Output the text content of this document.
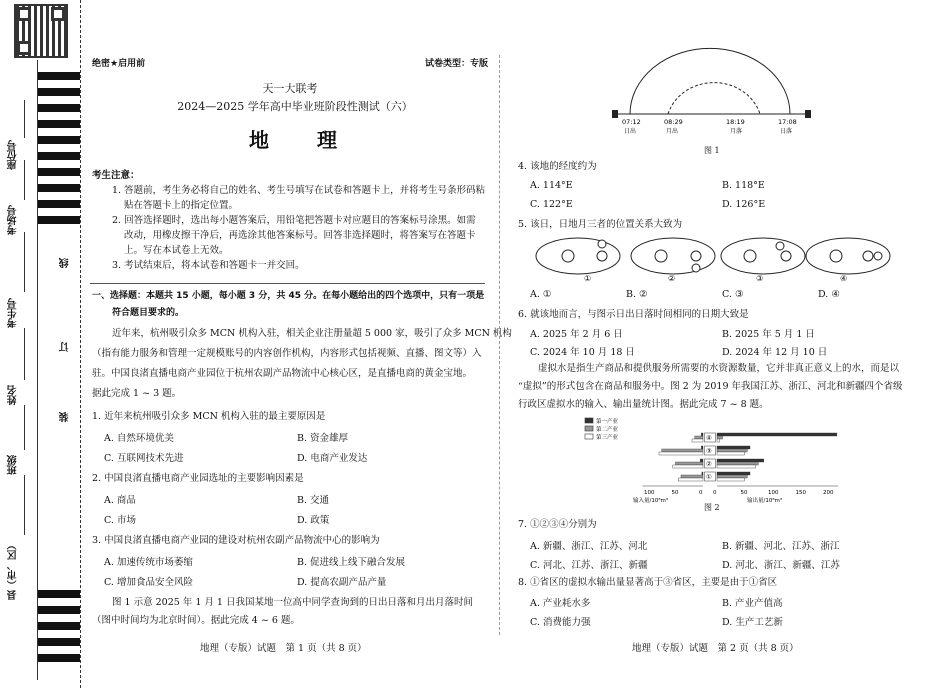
座位号
考场号
考生号
姓名
班级
县（市、区）
线
订
装
绝密★启用前	试卷类型：专版
天一大联考
2024—2025 学年高中毕业班阶段性测试（六）
地　理
考生注意：
1. 答题前，考生务必将自己的姓名、考生号填写在试卷和答题卡上，并将考生号条形码粘
贴在答题卡上的指定位置。
2. 回答选择题时，选出每小题答案后，用铅笔把答题卡对应题目的答案标号涂黑。如需
改动，用橡皮擦干净后，再选涂其他答案标号。回答非选择题时，将答案写在答题卡
上。写在本试卷上无效。
3. 考试结束后，将本试卷和答题卡一并交回。
一、选择题：本题共 15 小题，每小题 3 分，共 45 分。在每小题给出的四个选项中，只有一项是
符合题目要求的。
近年来，杭州吸引众多 MCN 机构入驻，相关企业注册量超 5 000 家，吸引了众多 MCN 机构
（指有能力服务和管理一定规模账号的内容创作机构，内容形式包括视频、直播、图文等）入
驻。中国良渚直播电商产业园位于杭州农副产品物流中心核心区，是直播电商的黄金宝地。
据此完成 1 ~ 3 题。
1. 近年来杭州吸引众多 MCN 机构入驻的最主要原因是
A. 自然环境优美	B. 资金雄厚
C. 互联网技术先进	D. 电商产业发达
2. 中国良渚直播电商产业园选址的主要影响因素是
A. 商品	B. 交通
C. 市场	D. 政策
3. 中国良渚直播电商产业园的建设对杭州农副产品物流中心的影响为
A. 加速传统市场萎缩	B. 促进线上线下融合发展
C. 增加食品安全风险	D. 提高农副产品产量
图 1 示意 2025 年 1 月 1 日我国某地一位高中同学查询到的日出日落和月出月落时间
（图中时间均为北京时间）。据此完成 4 ~ 6 题。
地理（专版）试题　第 1 页（共 8 页）
07:12	08:29	18:19	17:08
日出	月出	月落	日落
图 1
4. 该地的经度约为
A. 114°E	B. 118°E
C. 122°E	D. 126°E
5. 该日，日地月三者的位置关系大致为
①	②	③	④
A. ①	B. ②	C. ③	D. ④
6. 就该地而言，与图示日出日落时间相同的日期大致是
A. 2025 年 2 月 6 日	B. 2025 年 5 月 1 日
C. 2024 年 10 月 18 日	D. 2024 年 12 月 10 日
虚拟水是指生产商品和提供服务所需要的水资源数量，它并非真正意义上的水，而是以
“虚拟”的形式包含在商品和服务中。图 2 为 2019 年我国江苏、浙江、河北和新疆四个省级
行政区虚拟水的输入、输出量统计图。据此完成 7 ~ 8 题。
第一产业
第二产业
第三产业	④
③
②
①
100	50	0 0	50	100	150	200
输入量/10⁸m³	输出量/10⁸m³
图 2
7. ①②③④分别为
A. 新疆、浙江、江苏、河北	B. 新疆、河北、江苏、浙江
C. 河北、江苏、浙江、新疆	D. 河北、浙江、新疆、江苏
8. ①省区的虚拟水输出量显著高于③省区，主要是由于①省区
A. 产业耗水多	B. 产业产值高
C. 消费能力强	D. 生产工艺新
地理（专版）试题　第 2 页（共 8 页）
